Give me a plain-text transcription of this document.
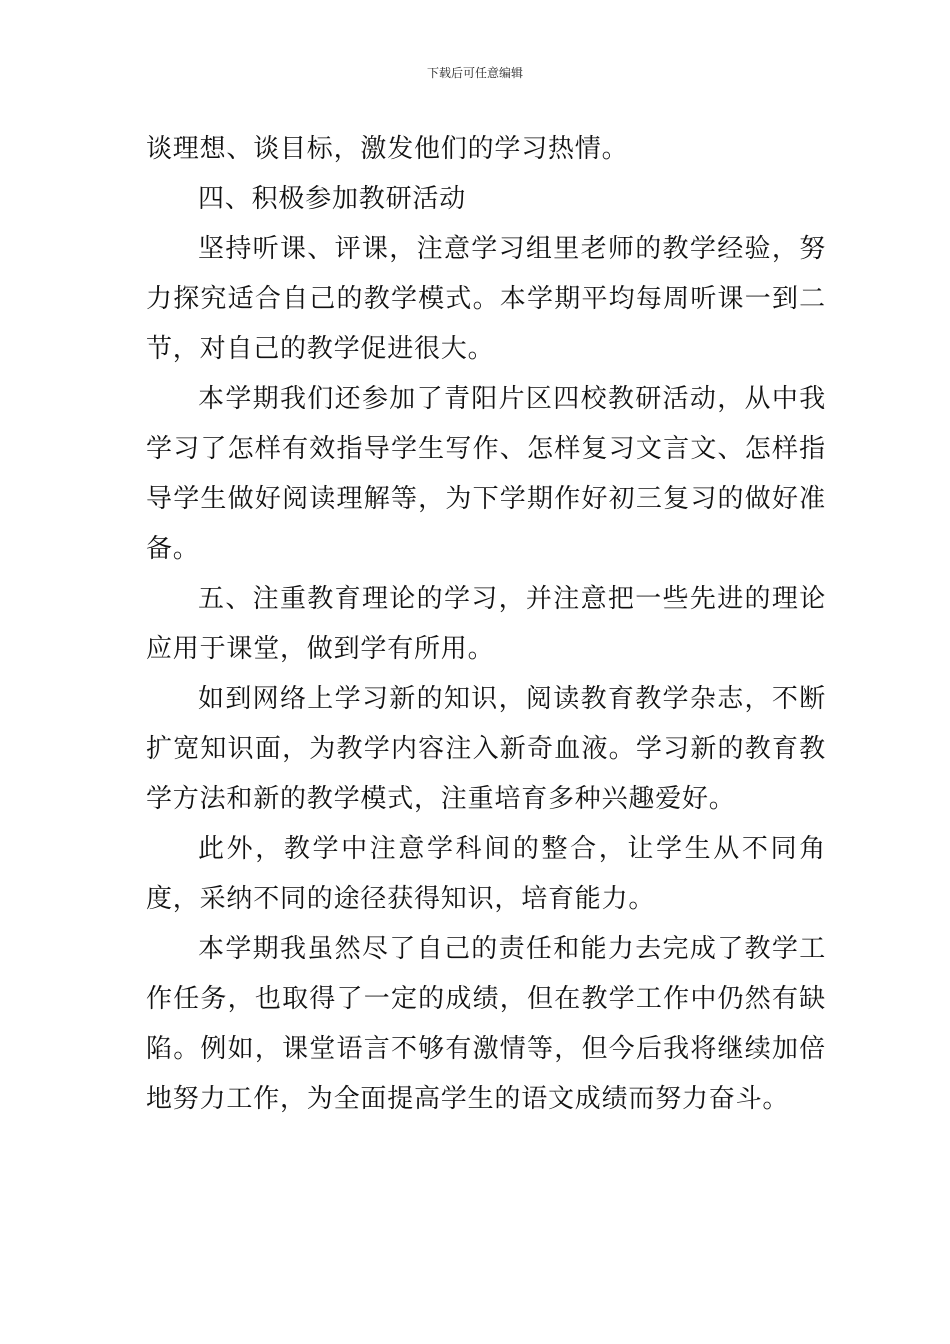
下载后可任意编辑

谈理想、谈目标，激发他们的学习热情。

四、积极参加教研活动

坚持听课、评课，注意学习组里老师的教学经验，努力探究适合自己的教学模式。本学期平均每周听课一到二节，对自己的教学促进很大。

本学期我们还参加了青阳片区四校教研活动，从中我学习了怎样有效指导学生写作、怎样复习文言文、怎样指导学生做好阅读理解等，为下学期作好初三复习的做好准备。

五、注重教育理论的学习，并注意把一些先进的理论应用于课堂，做到学有所用。

如到网络上学习新的知识，阅读教育教学杂志，不断扩宽知识面，为教学内容注入新奇血液。学习新的教育教学方法和新的教学模式，注重培育多种兴趣爱好。

此外，教学中注意学科间的整合，让学生从不同角度，采纳不同的途径获得知识，培育能力。

本学期我虽然尽了自己的责任和能力去完成了教学工作任务，也取得了一定的成绩，但在教学工作中仍然有缺陷。例如，课堂语言不够有激情等，但今后我将继续加倍地努力工作，为全面提高学生的语文成绩而努力奋斗。
